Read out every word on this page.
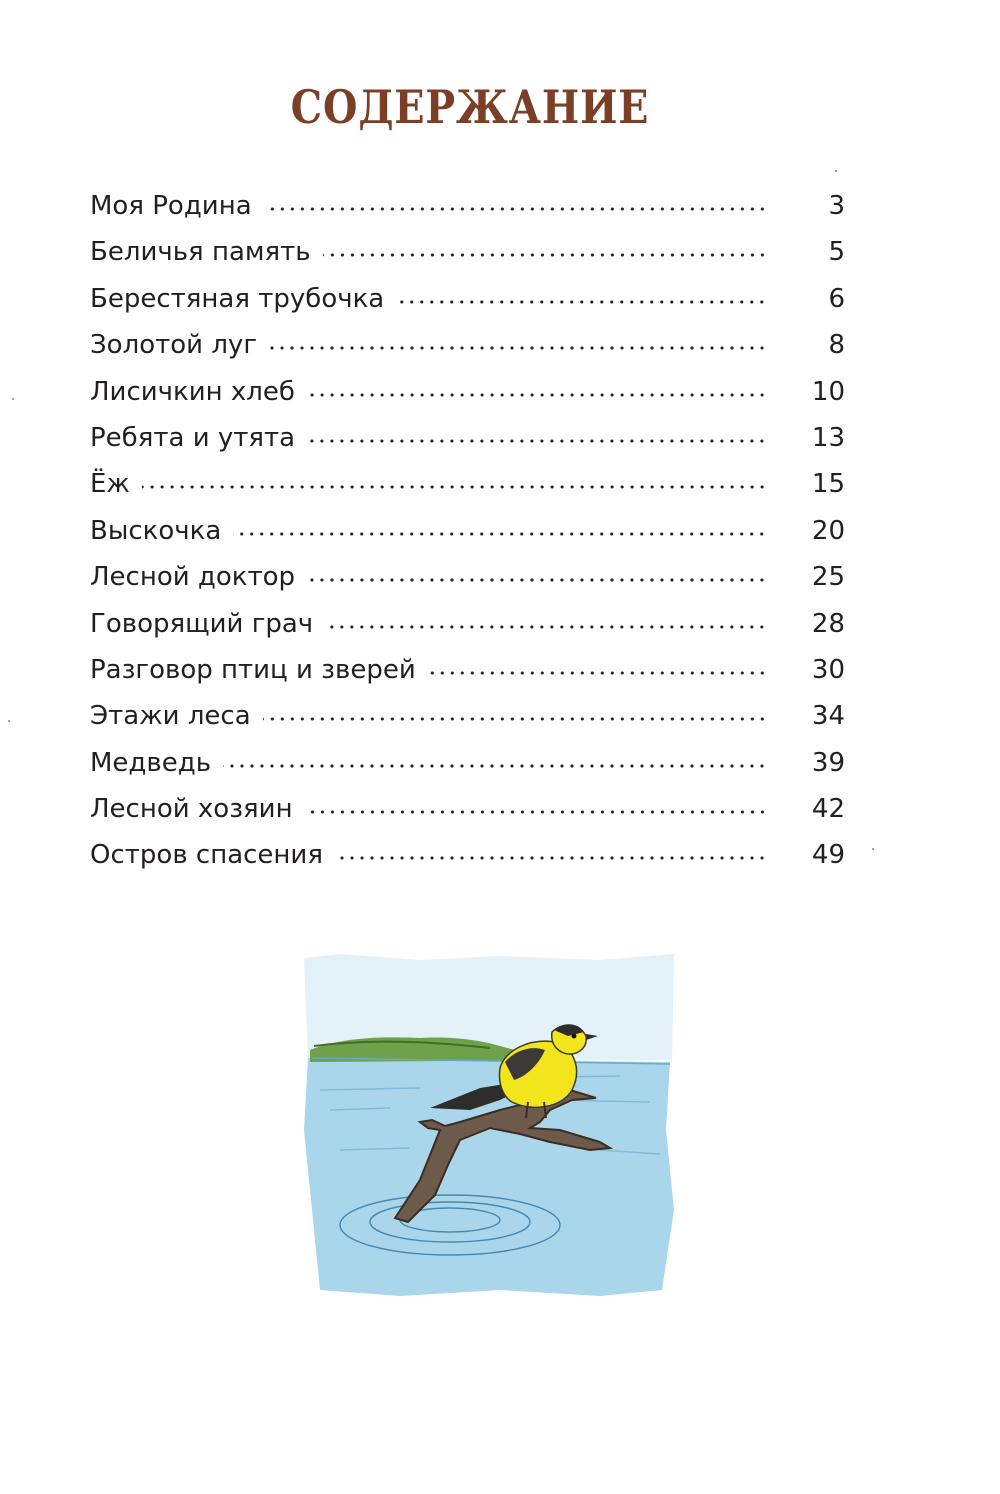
СОДЕРЖАНИЕ
Моя Родина	3
Беличья память	5
Берестяная трубочка	6
Золотой луг	8
Лисичкин хлеб	10
Ребята и утята	13
Ёж	15
Выскочка	20
Лесной доктор	25
Говорящий грач	28
Разговор птиц и зверей	30
Этажи леса	34
Медведь	39
Лесной хозяин	42
Остров спасения	49
